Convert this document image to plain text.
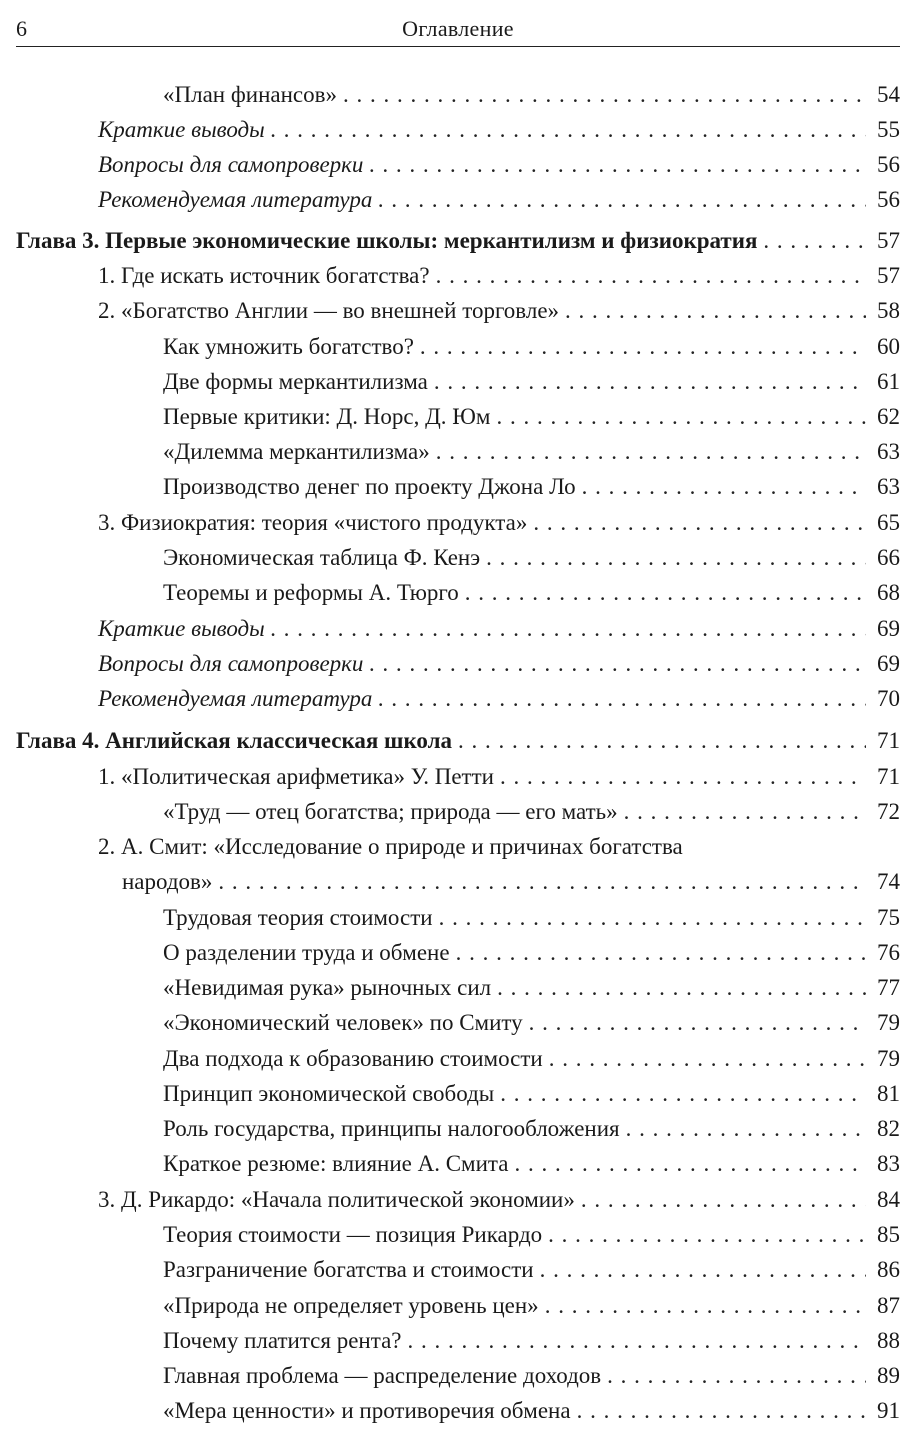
6	Оглавление
«План финансов» . . .	54
Краткие выводы . . .	55
Вопросы для самопроверки . . .	56
Рекомендуемая литература . . .	56
Глава 3. Первые экономические школы: меркантилизм и физиократия . . .	57
1. Где искать источник богатства? . . .	57
2. «Богатство Англии — во внешней торговле» . . .	58
Как умножить богатство? . . .	60
Две формы меркантилизма . . .	61
Первые критики: Д. Норс, Д. Юм . . .	62
«Дилемма меркантилизма» . . .	63
Производство денег по проекту Джона Ло . . .	63
3. Физиократия: теория «чистого продукта» . . .	65
Экономическая таблица Ф. Кенэ . . .	66
Теоремы и реформы А. Тюрго . . .	68
Краткие выводы . . .	69
Вопросы для самопроверки . . .	69
Рекомендуемая литература . . .	70
Глава 4. Английская классическая школа . . .	71
1. «Политическая арифметика» У. Петти . . .	71
«Труд — отец богатства; природа — его мать» . . .	72
2. А. Смит: «Исследование о природе и причинах богатства
народов» . . .	74
Трудовая теория стоимости . . .	75
О разделении труда и обмене . . .	76
«Невидимая рука» рыночных сил . . .	77
«Экономический человек» по Смиту . . .	79
Два подхода к образованию стоимости . . .	79
Принцип экономической свободы . . .	81
Роль государства, принципы налогообложения . . .	82
Краткое резюме: влияние А. Смита . . .	83
3. Д. Рикардо: «Начала политической экономии» . . .	84
Теория стоимости — позиция Рикардо . . .	85
Разграничение богатства и стоимости . . .	86
«Природа не определяет уровень цен» . . .	87
Почему платится рента? . . .	88
Главная проблема — распределение доходов . . .	89
«Мера ценности» и противоречия обмена . . .	91
